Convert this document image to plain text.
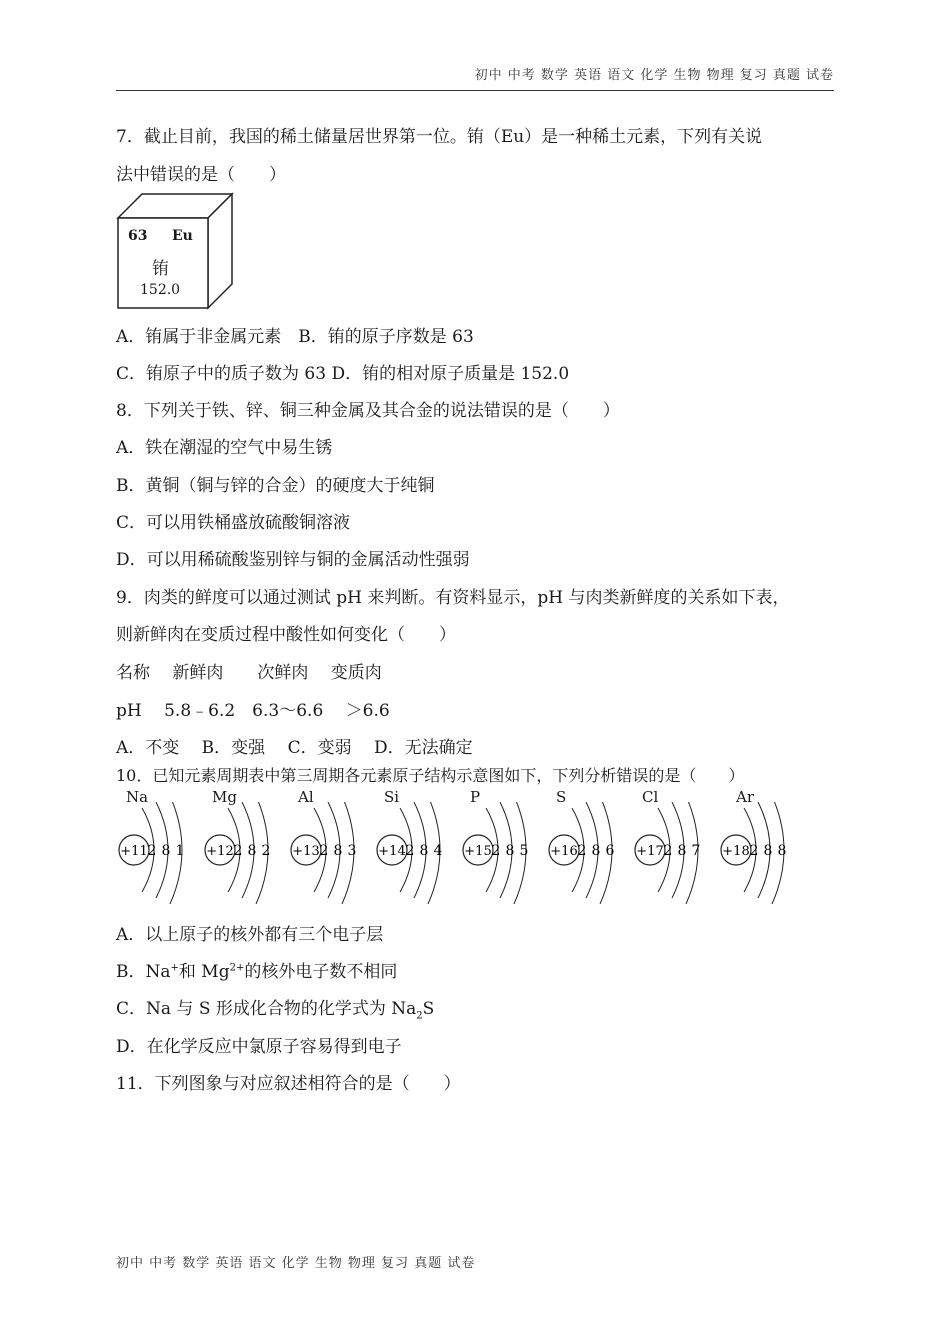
初中 中考 数学 英语 语文 化学 生物 物理 复习 真题 试卷
7．截止目前，我国的稀土储量居世界第一位。铕（Eu）是一种稀土元素，下列有关说
法中错误的是（　　）
63 Eu
铕
152.0
A．铕属于非金属元素　B．铕的原子序数是 63
C．铕原子中的质子数为 63 D．铕的相对原子质量是 152.0
8．下列关于铁、锌、铜三种金属及其合金的说法错误的是（　　）
A．铁在潮湿的空气中易生锈
B．黄铜（铜与锌的合金）的硬度大于纯铜
C．可以用铁桶盛放硫酸铜溶液
D．可以用稀硫酸鉴别锌与铜的金属活动性强弱
9．肉类的鲜度可以通过测试 pH 来判断。有资料显示，pH 与肉类新鲜度的关系如下表，
则新鲜肉在变质过程中酸性如何变化（　　）
名称　 新鲜肉　　次鲜肉　 变质肉
pH　 5.8﹣6.2　6.3～6.6　 ＞6.6
A．不变　 B．变强　 C．变弱　 D．无法确定
10．已知元素周期表中第三周期各元素原子结构示意图如下，下列分析错误的是（　　）
Na
+11 2 8 1
Mg
+12 2 8 2
Al
+13 2 8 3
Si
+14 2 8 4
P
+15 2 8 5
S
+16 2 8 6
Cl
+17 2 8 7
Ar
+18 2 8 8
A．以上原子的核外都有三个电子层
B．Na+和 $Mg^{2+}$的核外电子数不相同
C．Na 与 S 形成化合物的化学式为 $Na_2S$
D．在化学反应中氯原子容易得到电子
11．下列图象与对应叙述相符合的是（　　）
初中 中考 数学 英语 语文 化学 生物 物理 复习 真题 试卷
